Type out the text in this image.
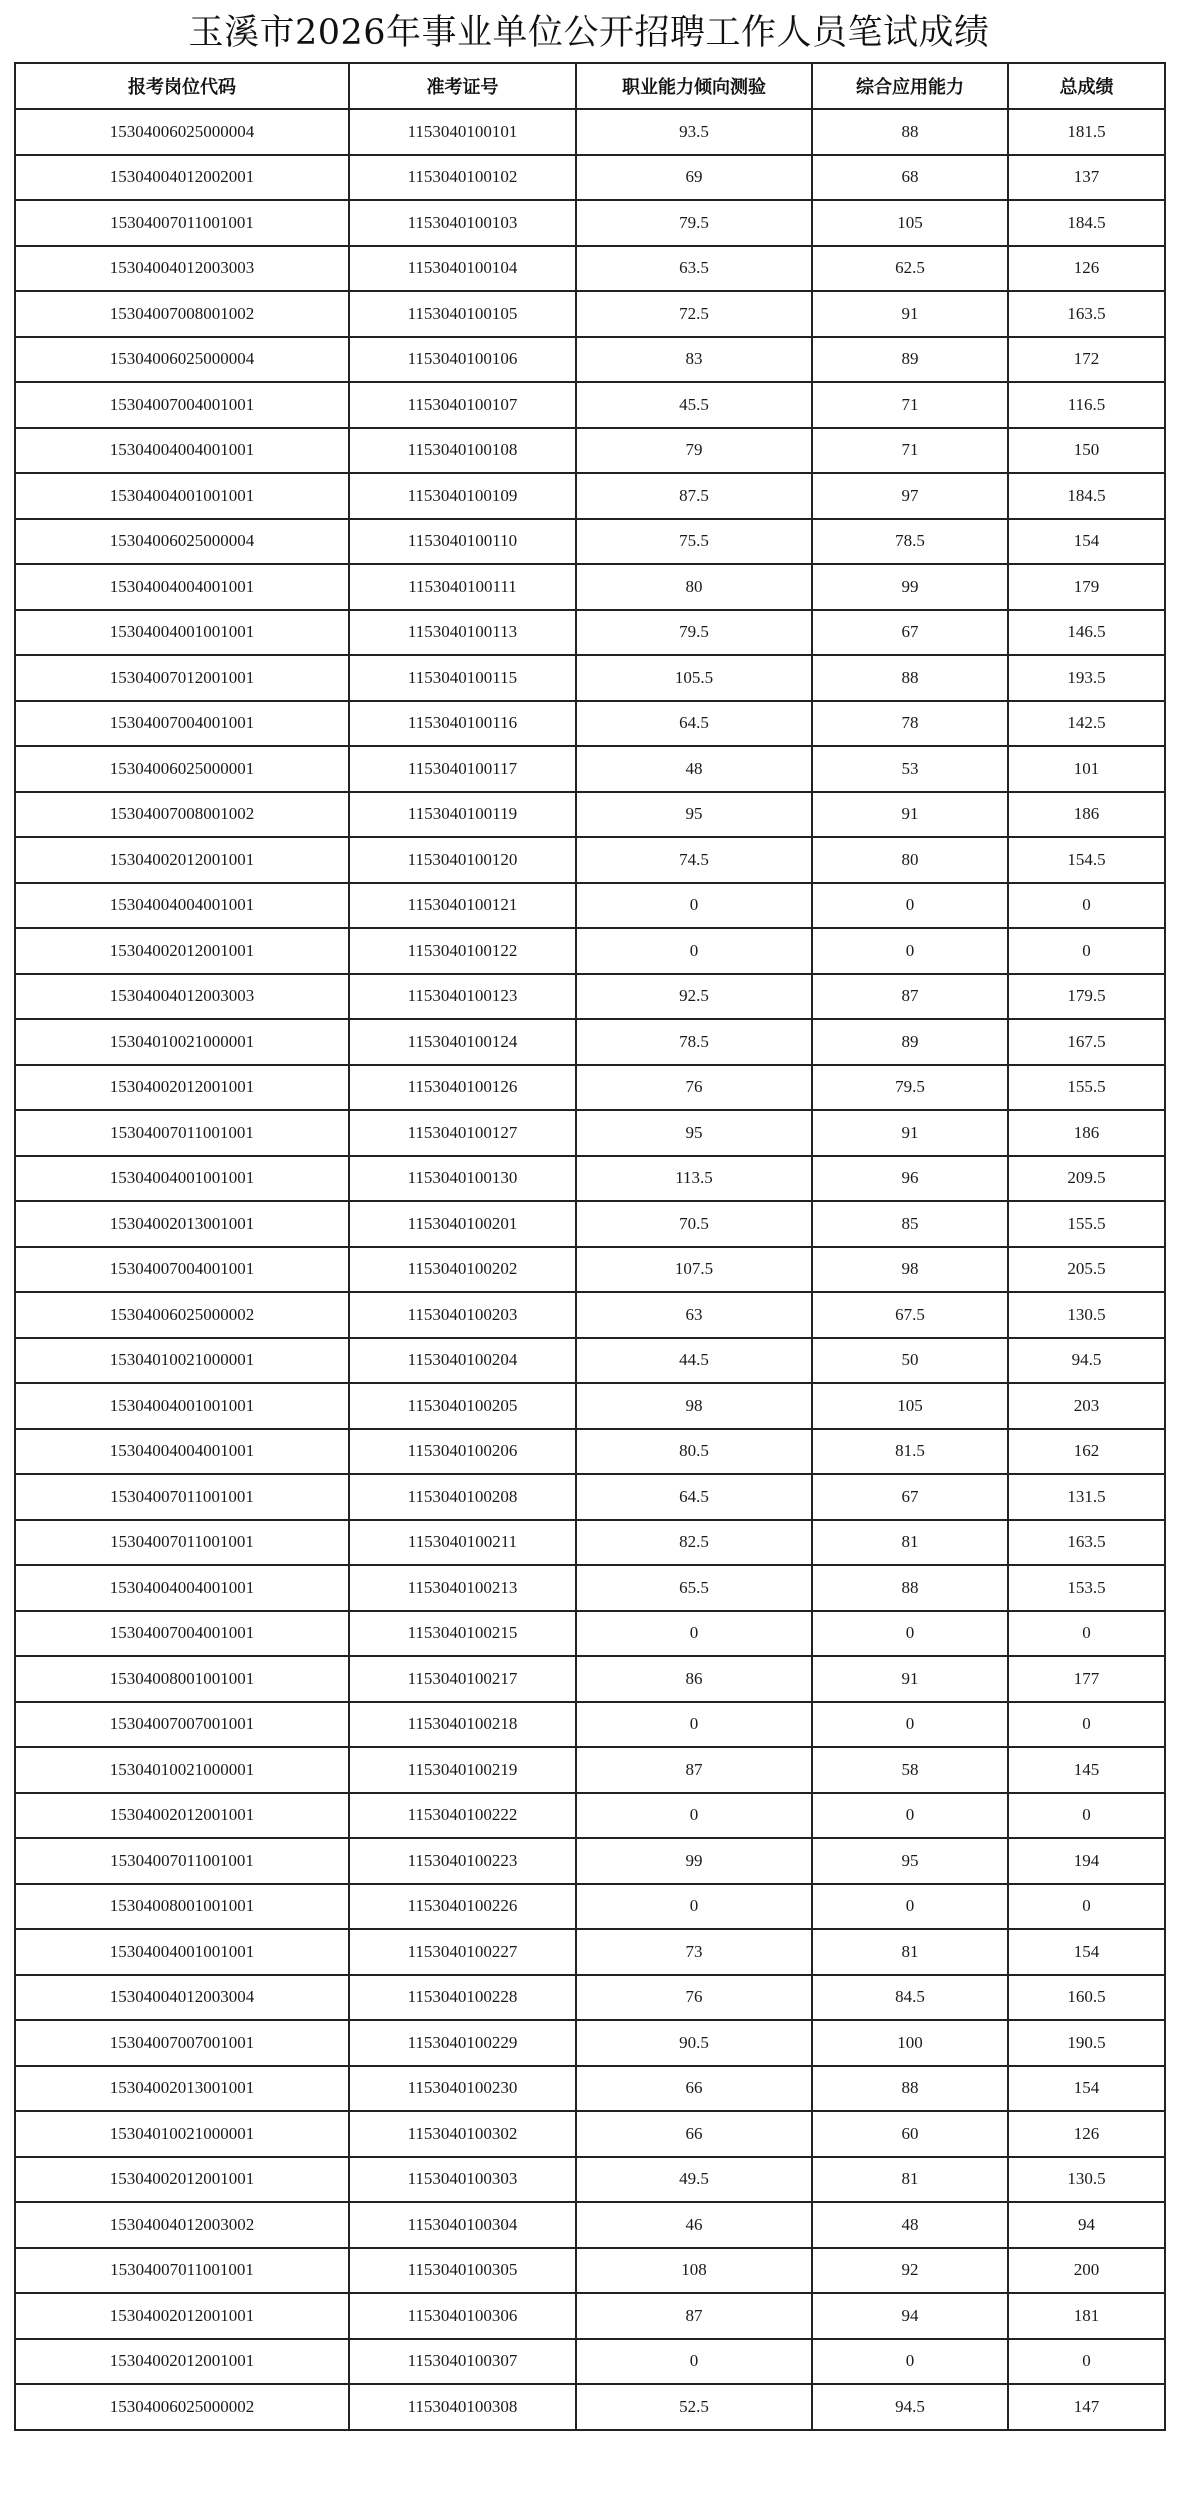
玉溪市2026年事业单位公开招聘工作人员笔试成绩
报考岗位代码	准考证号	职业能力倾向测验	综合应用能力	总成绩
15304006025000004	1153040100101	93.5	88	181.5
15304004012002001	1153040100102	69	68	137
15304007011001001	1153040100103	79.5	105	184.5
15304004012003003	1153040100104	63.5	62.5	126
15304007008001002	1153040100105	72.5	91	163.5
15304006025000004	1153040100106	83	89	172
15304007004001001	1153040100107	45.5	71	116.5
15304004004001001	1153040100108	79	71	150
15304004001001001	1153040100109	87.5	97	184.5
15304006025000004	1153040100110	75.5	78.5	154
15304004004001001	1153040100111	80	99	179
15304004001001001	1153040100113	79.5	67	146.5
15304007012001001	1153040100115	105.5	88	193.5
15304007004001001	1153040100116	64.5	78	142.5
15304006025000001	1153040100117	48	53	101
15304007008001002	1153040100119	95	91	186
15304002012001001	1153040100120	74.5	80	154.5
15304004004001001	1153040100121	0	0	0
15304002012001001	1153040100122	0	0	0
15304004012003003	1153040100123	92.5	87	179.5
15304010021000001	1153040100124	78.5	89	167.5
15304002012001001	1153040100126	76	79.5	155.5
15304007011001001	1153040100127	95	91	186
15304004001001001	1153040100130	113.5	96	209.5
15304002013001001	1153040100201	70.5	85	155.5
15304007004001001	1153040100202	107.5	98	205.5
15304006025000002	1153040100203	63	67.5	130.5
15304010021000001	1153040100204	44.5	50	94.5
15304004001001001	1153040100205	98	105	203
15304004004001001	1153040100206	80.5	81.5	162
15304007011001001	1153040100208	64.5	67	131.5
15304007011001001	1153040100211	82.5	81	163.5
15304004004001001	1153040100213	65.5	88	153.5
15304007004001001	1153040100215	0	0	0
15304008001001001	1153040100217	86	91	177
15304007007001001	1153040100218	0	0	0
15304010021000001	1153040100219	87	58	145
15304002012001001	1153040100222	0	0	0
15304007011001001	1153040100223	99	95	194
15304008001001001	1153040100226	0	0	0
15304004001001001	1153040100227	73	81	154
15304004012003004	1153040100228	76	84.5	160.5
15304007007001001	1153040100229	90.5	100	190.5
15304002013001001	1153040100230	66	88	154
15304010021000001	1153040100302	66	60	126
15304002012001001	1153040100303	49.5	81	130.5
15304004012003002	1153040100304	46	48	94
15304007011001001	1153040100305	108	92	200
15304002012001001	1153040100306	87	94	181
15304002012001001	1153040100307	0	0	0
15304006025000002	1153040100308	52.5	94.5	147
